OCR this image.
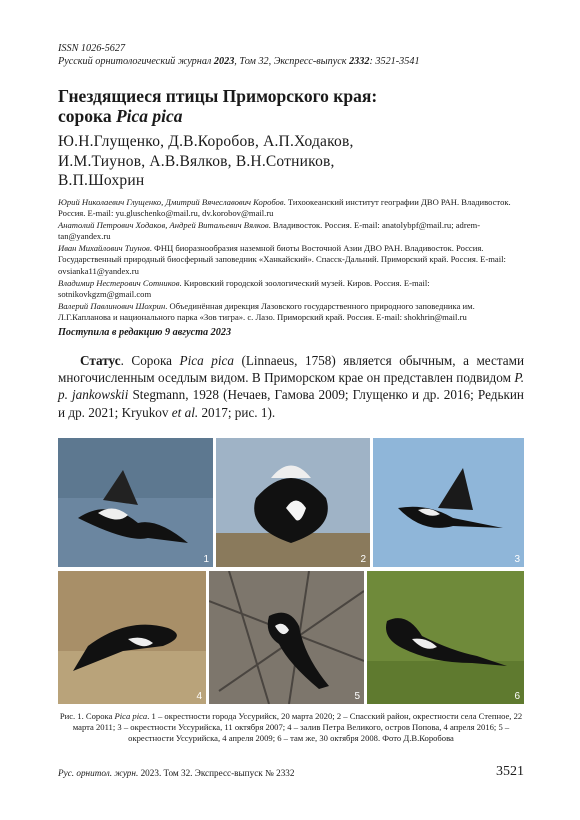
ISSN 1026-5627
Русский орнитологический журнал 2023, Том 32, Экспресс-выпуск 2332: 3521-3541
Гнездящиеся птицы Приморского края:
сорока Pica pica
Ю.Н.Глущенко, Д.В.Коробов, А.П.Ходаков,
И.М.Тиунов, А.В.Вялков, В.Н.Сотников,
В.П.Шохрин
Юрий Николаевич Глущенко, Дмитрий Вячеславович Коробов. Тихоокеанский институт географии ДВО РАН. Владивосток. Россия. E-mail: yu.gluschenko@mail.ru, dv.korobov@mail.ru
Анатолий Петрович Ходаков, Андрей Витальевич Вялков. Владивосток. Россия. E-mail: anatolybpf@mail.ru; adrem-tan@yandex.ru
Иван Михайлович Тиунов. ФНЦ биоразнообразия наземной биоты Восточной Азии ДВО РАН. Владивосток. Россия. Государственный природный биосферный заповедник «Ханкайский». Спасск-Дальний. Приморский край. Россия. E-mail: ovsianka11@yandex.ru
Владимир Нестерович Сотников. Кировский городской зоологический музей. Киров. Россия. E-mail: sotnikovkgzm@gmail.com
Валерий Павлинович Шохрин. Объединённая дирекция Лазовского государственного природного заповедника им. Л.Г.Капланова и национального парка «Зов тигра». с. Лазо. Приморский край. Россия. E-mail: shokhrin@mail.ru
Поступила в редакцию 9 августа 2023

Статус. Сорока Pica pica (Linnaeus, 1758) является обычным, а местами многочисленным оседлым видом. В Приморском крае он представлен подвидом P. p. jankowskii Stegmann, 1928 (Нечаев, Гамова 2009; Глущенко и др. 2016; Редькин и др. 2021; Kryukov et al. 2017; рис. 1).

1	2	3
4	5	6
Рис. 1. Сорока Pica pica. 1 – окрестности города Уссурийск, 20 марта 2020; 2 – Спасский район, окрестности села Степное, 22 марта 2011; 3 – окрестности Уссурийска, 11 октября 2007; 4 – залив Петра Великого, остров Попова, 4 апреля 2016; 5 – окрестности Уссурийска, 4 апреля 2009; 6 – там же, 30 октября 2008. Фото Д.В.Коробова
Рус. орнитол. журн. 2023. Том 32. Экспресс-выпуск № 2332	3521
